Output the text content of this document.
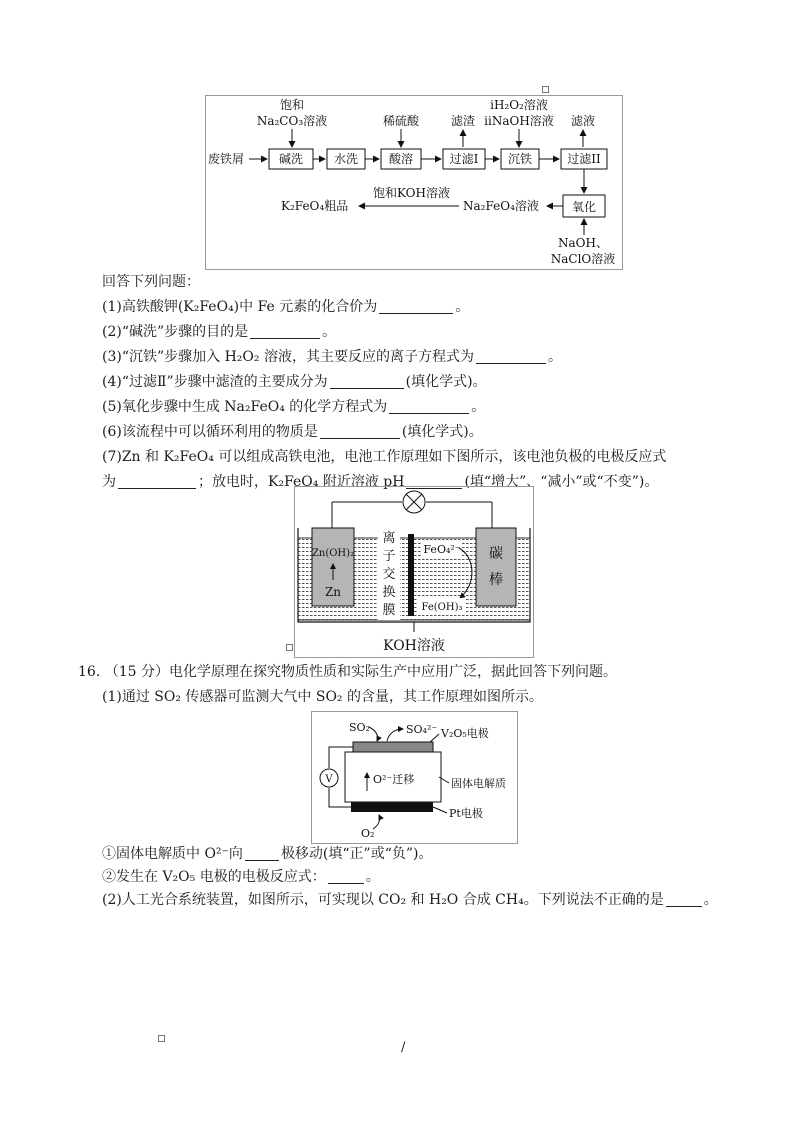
饱和
Na₂CO₃溶液	稀硫酸	滤渣
iH₂O₂溶液
iiNaOH溶液 滤液
废铁屑	碱洗	水洗	酸溶	过滤I 沉铁	过滤II
氧化
NaOH、
NaClO溶液
Na₂FeO₄溶液
饱和KOH溶液
K₂FeO₄粗品
回答下列问题：
(1)高铁酸钾(K₂FeO₄)中 Fe 元素的化合价为	。
(2)“碱洗”步骤的目的是	。
(3)“沉铁”步骤加入 H₂O₂ 溶液，其主要反应的离子方程式为	。
(4)“过滤Ⅱ”步骤中滤渣的主要成分为	(填化学式)。
(5)氧化步骤中生成 Na₂FeO₄ 的化学方程式为	。
(6)该流程中可以循环利用的物质是	(填化学式)。
(7)Zn 和 K₂FeO₄ 可以组成高铁电池，电池工作原理如下图所示，该电池负极的电极反应式
为	；放电时，K₂FeO₄ 附近溶液 pH	(填“增大”、“减小”或“不变”)。
Zn(OH)₂
Zn
离
子
交
换
膜
FeO₄²⁻
Fe(OH)₃
碳
棒
KOH溶液
16. （15 分）电化学原理在探究物质性质和实际生产中应用广泛，据此回答下列问题。
(1)通过 SO₂ 传感器可监测大气中 SO₂ 的含量，其工作原理如图所示。
SO₂	SO₄²⁻ V₂O₅电极
O²⁻迁移	固体电解质
Pt电极
O₂
V
①固体电解质中 O²⁻向	极移动(填“正”或“负”)。
②发生在 V₂O₅ 电极的电极反应式：	。
(2)人工光合系统装置，如图所示，可实现以 CO₂ 和 H₂O 合成 CH₄。下列说法不正确的是	。
/
